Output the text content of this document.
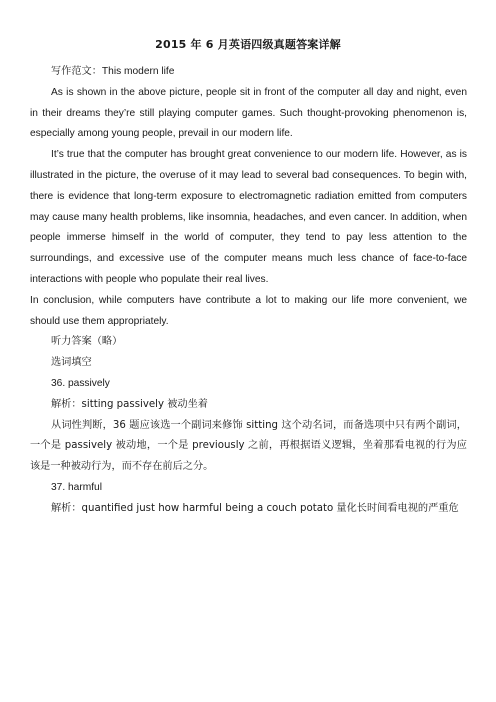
2015 年 6 月英语四级真题答案详解

写作范文：This modern life

As is shown in the above picture, people sit in front of the computer all day and night, even in their dreams they’re still playing computer games. Such thought-provoking phenomenon is, especially among young people, prevail in our modern life.

It’s true that the computer has brought great convenience to our modern life. However, as is illustrated in the picture, the overuse of it may lead to several bad consequences. To begin with, there is evidence that long-term exposure to electromagnetic radiation emitted from computers may cause many health problems, like insomnia, headaches, and even cancer. In addition, when people immerse himself in the world of computer, they tend to pay less attention to the surroundings, and excessive use of the computer means much less chance of face-to-face interactions with people who populate their real lives.

In conclusion, while computers have contribute a lot to making our life more convenient, we should use them appropriately.

听力答案（略）

选词填空

36. passively

解析：sitting passively 被动坐着

从词性判断，36 题应该选一个副词来修饰 sitting 这个动名词，而备选项中只有两个副词，一个是 passively 被动地，一个是 previously 之前，再根据语义逻辑，坐着那看电视的行为应该是一种被动行为，而不存在前后之分。

37. harmful

解析：quantified just how harmful being a couch potato 量化长时间看电视的严重危
